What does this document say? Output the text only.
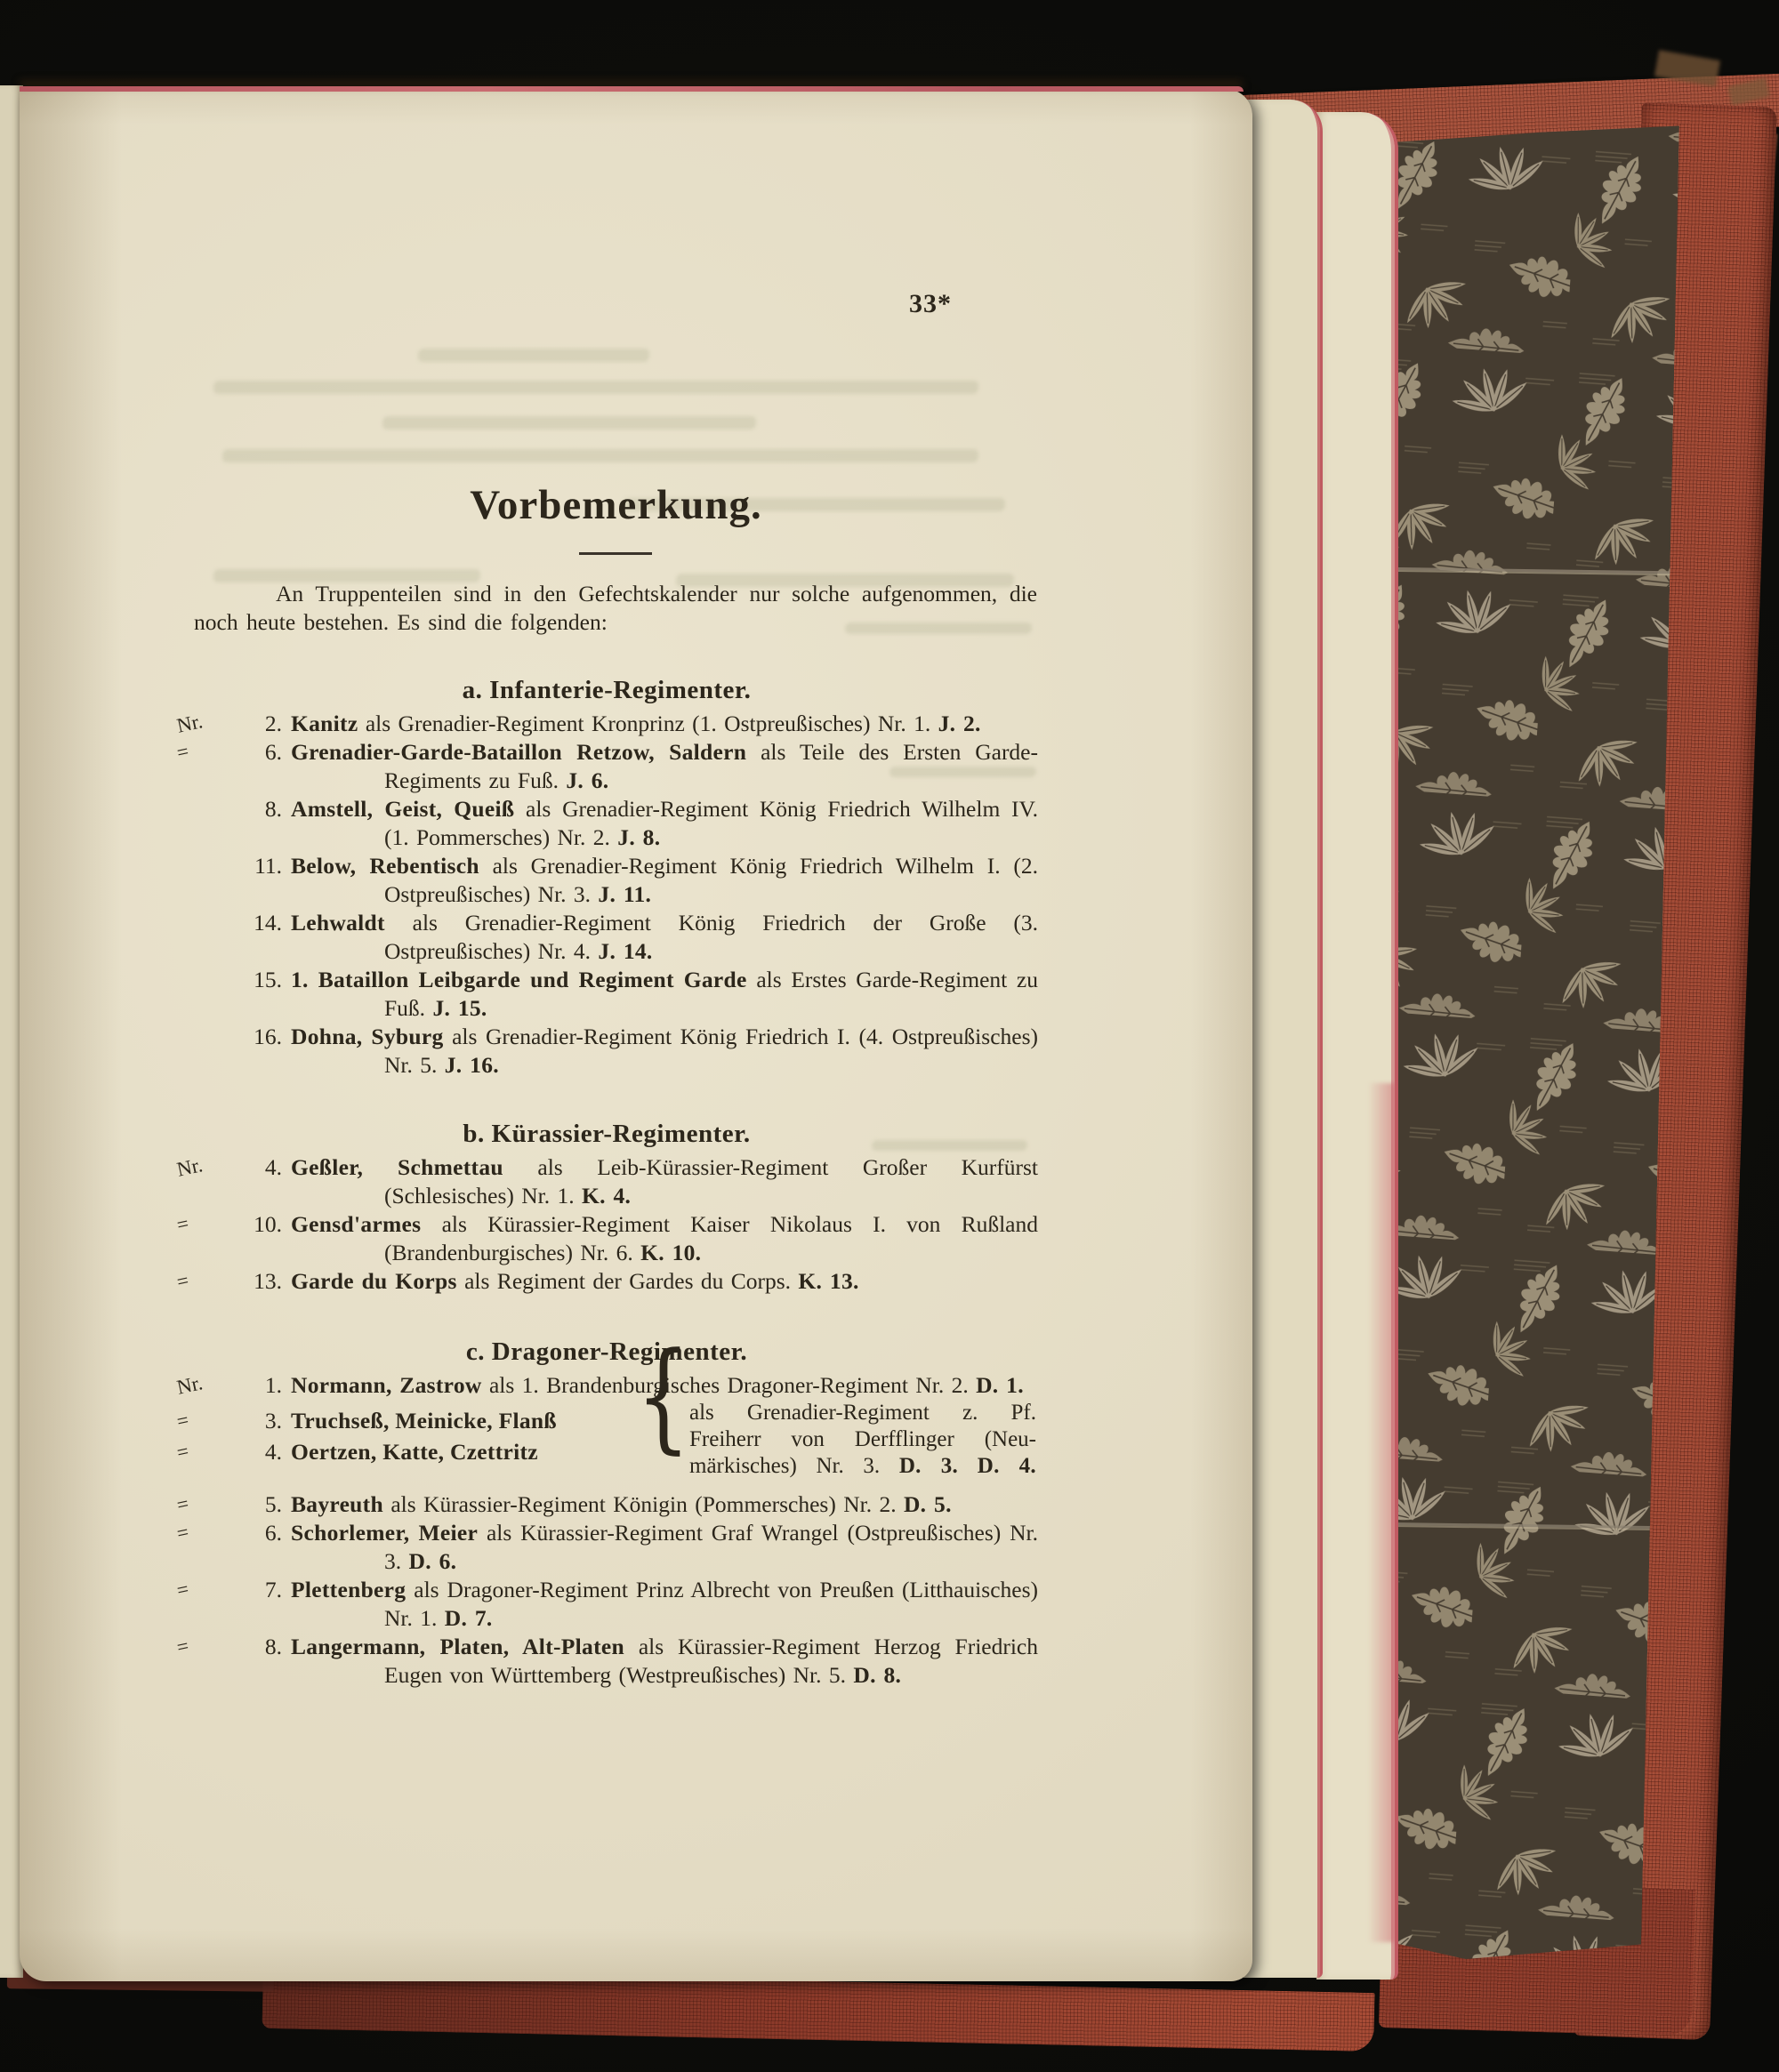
33*
Vorbemerkung.
An Truppenteilen sind in den Gefechtskalender nur solche aufgenommen, die noch heute bestehen. Es sind die folgenden:
a. Infanterie-Regimenter.
Nr.	2. Kanitz als Grenadier-Regiment Kronprinz (1. Ostpreußisches) Nr. 1. J. 2.
=	6. Grenadier-Garde-Bataillon Retzow, Saldern als Teile des Ersten Garde-Regiments zu Fuß. J. 6.
8. Amstell, Geist, Queiß als Grenadier-Regiment König Friedrich Wilhelm IV. (1. Pommersches) Nr. 2. J. 8.
11. Below, Rebentisch als Grenadier-Regiment König Friedrich Wilhelm I. (2. Ostpreußisches) Nr. 3. J. 11.
14. Lehwaldt als Grenadier-Regiment König Friedrich der Große (3. Ostpreußisches) Nr. 4. J. 14.
15. 1. Bataillon Leibgarde und Regiment Garde als Erstes Garde-Regiment zu Fuß. J. 15.
16. Dohna, Syburg als Grenadier-Regiment König Friedrich I. (4. Ostpreußisches) Nr. 5. J. 16.
b. Kürassier-Regimenter.
Nr.	4. Geßler, Schmettau als Leib-Kürassier-Regiment Großer Kurfürst (Schlesisches) Nr. 1. K. 4.
=	10. Gensd'armes als Kürassier-Regiment Kaiser Nikolaus I. von Rußland (Brandenburgisches) Nr. 6. K. 10.
=	13. Garde du Korps als Regiment der Gardes du Corps. K. 13.
c. Dragoner-Regimenter.
Nr.	1. Normann, Zastrow als 1. Brandenburgisches Dragoner-Regiment Nr. 2. D. 1.
=	3. Truchseß, Meinicke, Flanß
=	4. Oertzen, Katte, Czettritz {
als Grenadier-Regiment z. Pf.
Freiherr von Derfflinger (Neu-
märkisches) Nr. 3. D. 3. D. 4.
=	5. Bayreuth als Kürassier-Regiment Königin (Pommersches) Nr. 2. D. 5.
=	6. Schorlemer, Meier als Kürassier-Regiment Graf Wrangel (Ostpreußisches) Nr. 3. D. 6.
=	7. Plettenberg als Dragoner-Regiment Prinz Albrecht von Preußen (Litthauisches) Nr. 1. D. 7.
=	8. Langermann, Platen, Alt-Platen als Kürassier-Regiment Herzog Friedrich Eugen von Württemberg (Westpreußisches) Nr. 5. D. 8.
